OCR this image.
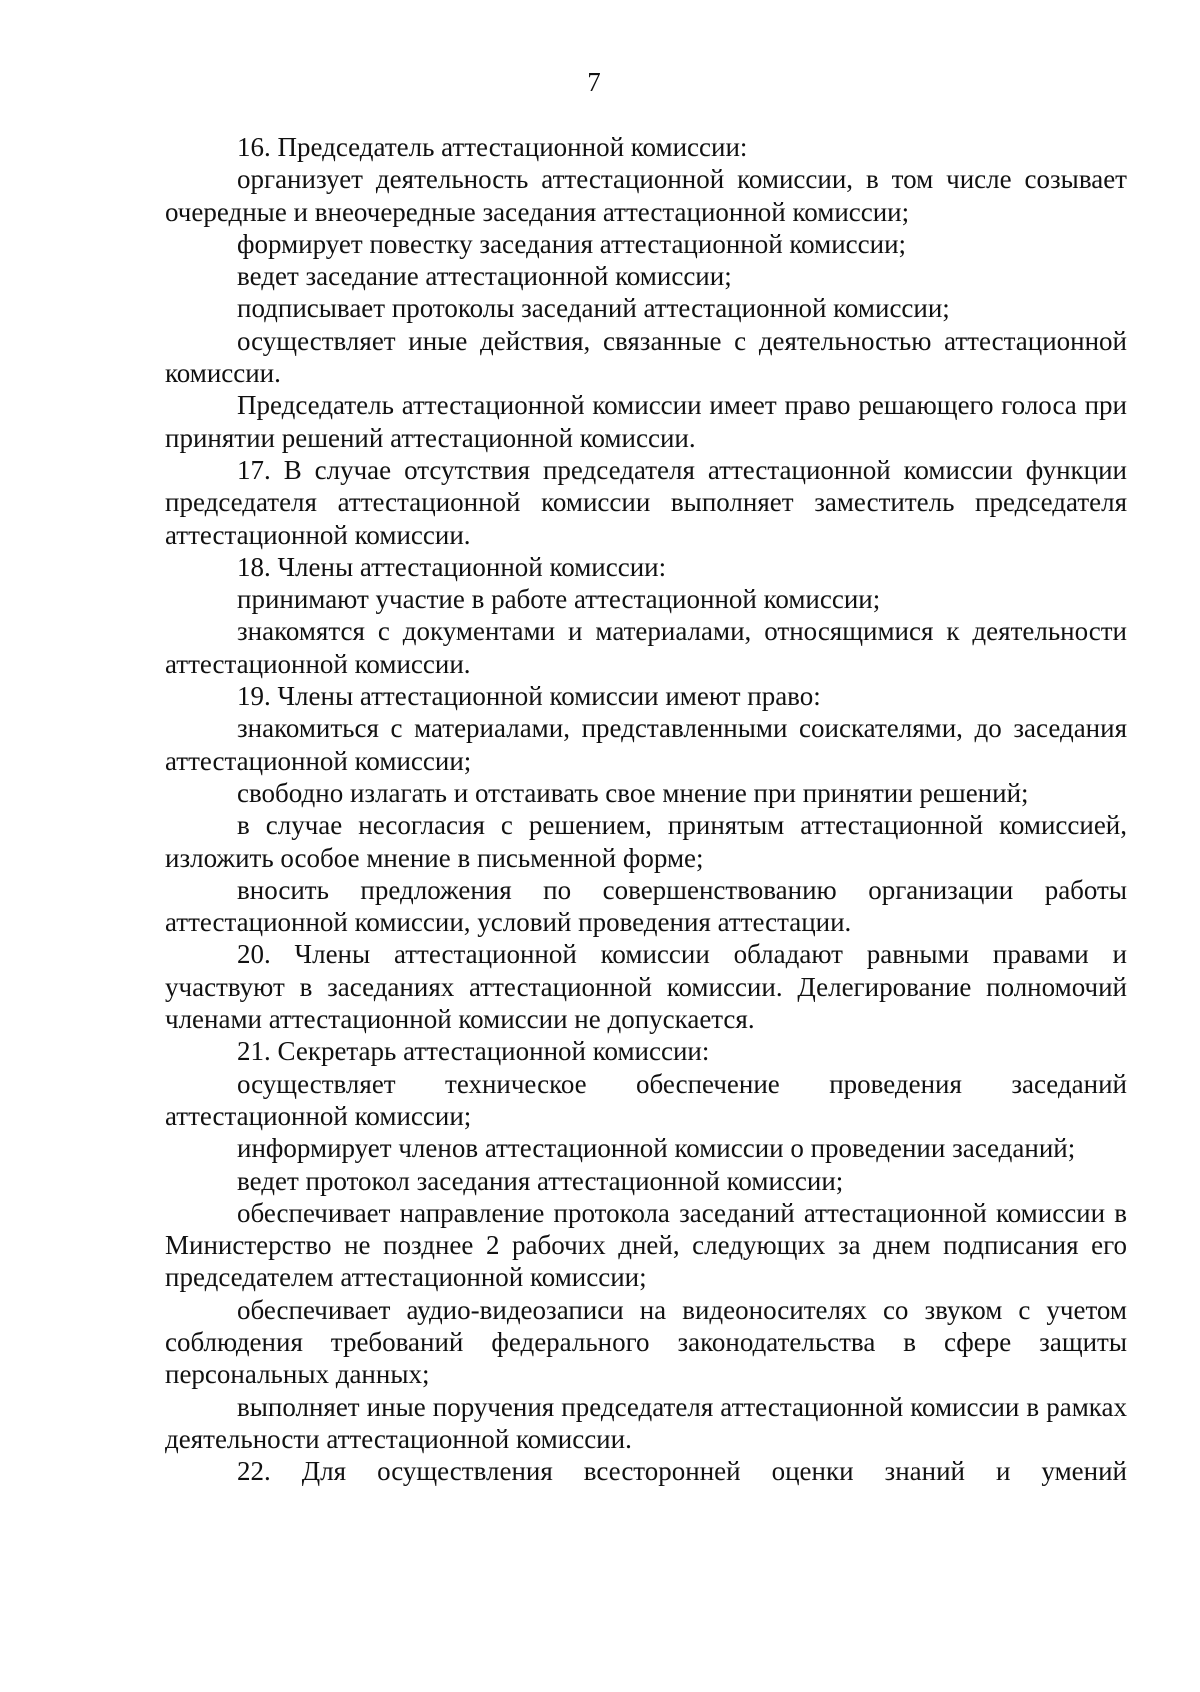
7

16. Председатель аттестационной комиссии:

организует деятельность аттестационной комиссии, в том числе созывает очередные и внеочередные заседания аттестационной комиссии;

формирует повестку заседания аттестационной комиссии;

ведет заседание аттестационной комиссии;

подписывает протоколы заседаний аттестационной комиссии;

осуществляет иные действия, связанные с деятельностью аттестационной комиссии.

Председатель аттестационной комиссии имеет право решающего голоса при принятии решений аттестационной комиссии.

17. В случае отсутствия председателя аттестационной комиссии функции председателя аттестационной комиссии выполняет заместитель председателя аттестационной комиссии.

18. Члены аттестационной комиссии:

принимают участие в работе аттестационной комиссии;

знакомятся с документами и материалами, относящимися к деятельности аттестационной комиссии.

19. Члены аттестационной комиссии имеют право:

знакомиться с материалами, представленными соискателями, до заседания аттестационной комиссии;

свободно излагать и отстаивать свое мнение при принятии решений;

в случае несогласия с решением, принятым аттестационной комиссией, изложить особое мнение в письменной форме;

вносить предложения по совершенствованию организации работы аттестационной комиссии, условий проведения аттестации.

20. Члены аттестационной комиссии обладают равными правами и участвуют в заседаниях аттестационной комиссии. Делегирование полномочий членами аттестационной комиссии не допускается.

21. Секретарь аттестационной комиссии:

осуществляет техническое обеспечение проведения заседаний аттестационной комиссии;

информирует членов аттестационной комиссии о проведении заседаний;

ведет протокол заседания аттестационной комиссии;

обеспечивает направление протокола заседаний аттестационной комиссии в Министерство не позднее 2 рабочих дней, следующих за днем подписания его председателем аттестационной комиссии;

обеспечивает аудио-видеозаписи на видеоносителях со звуком с учетом соблюдения требований федерального законодательства в сфере защиты персональных данных;

выполняет иные поручения председателя аттестационной комиссии в рамках деятельности аттестационной комиссии.

22. Для осуществления всесторонней оценки знаний и умений
